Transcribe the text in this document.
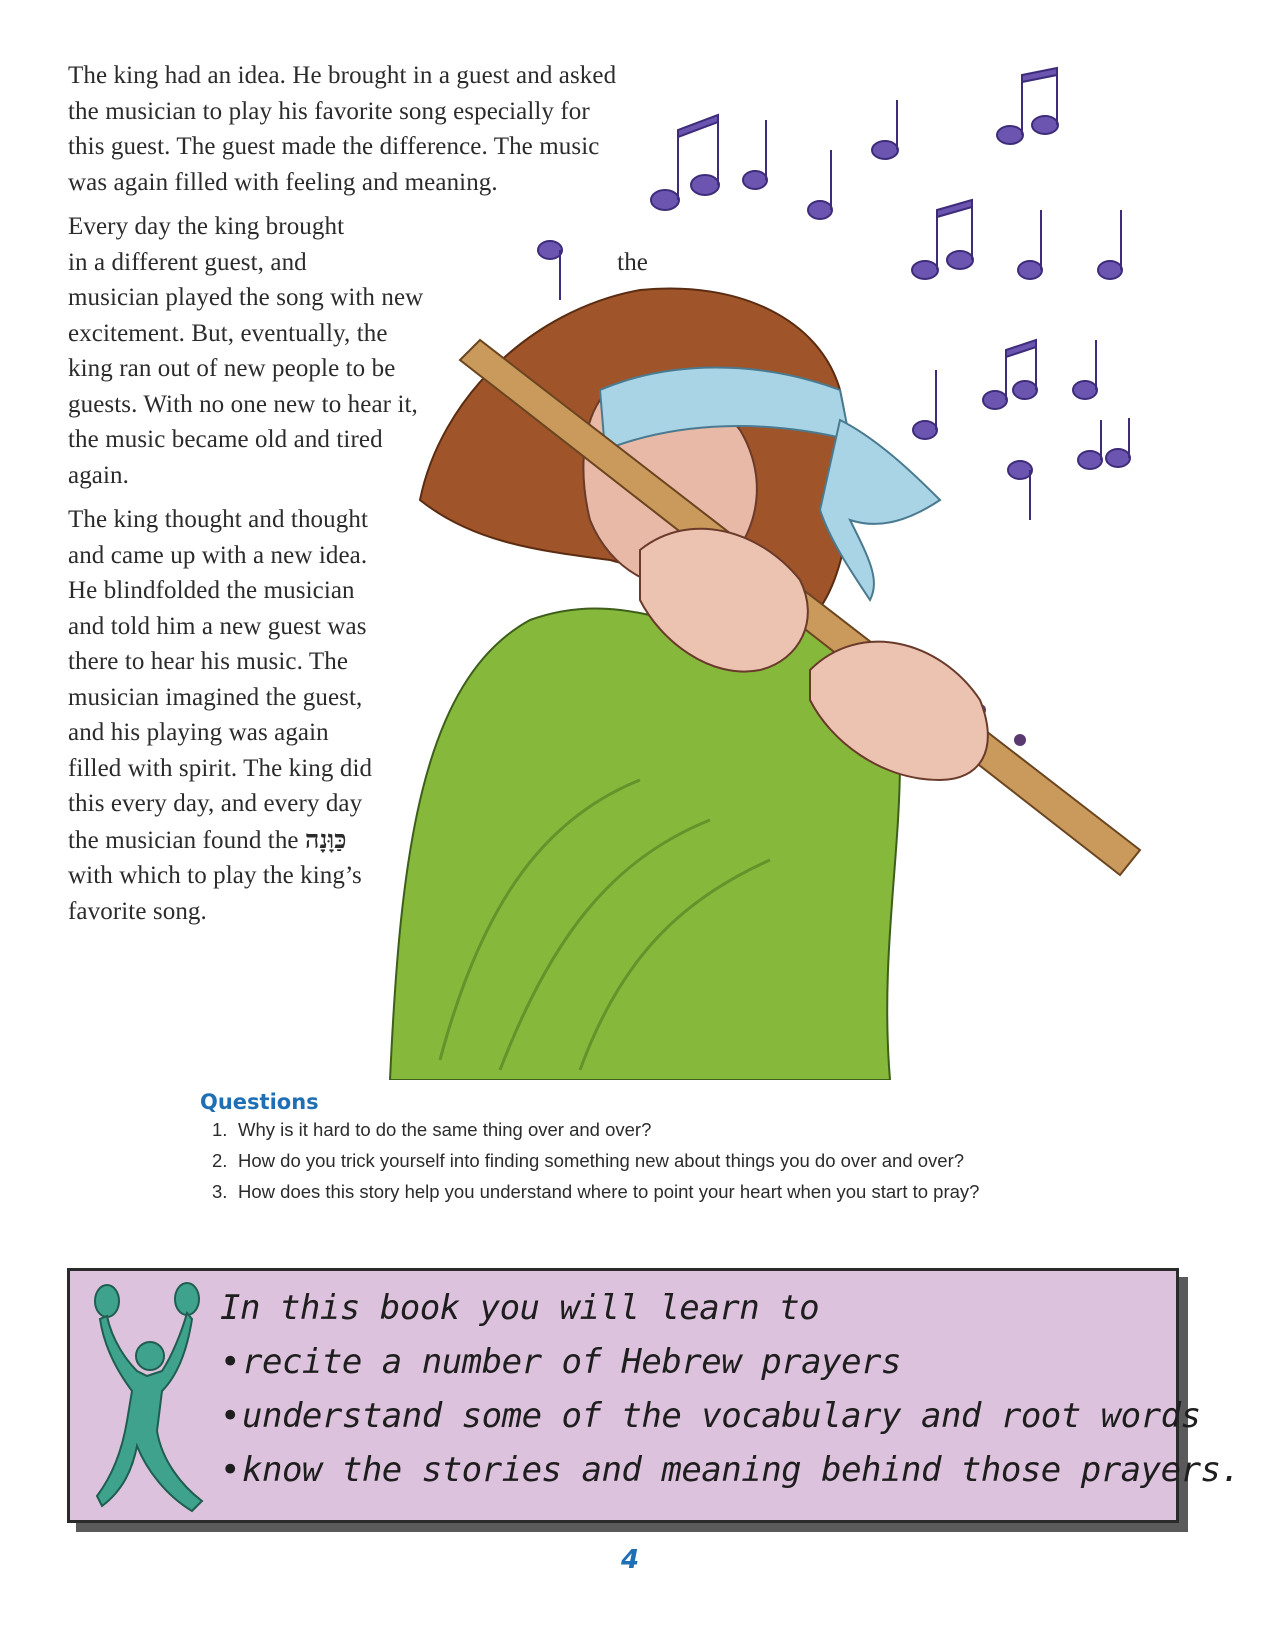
The king had an idea. He brought in a guest and asked the musician to play his favorite song especially for this guest. The guest made the difference. The music was again filled with feeling and meaning.

Every day the king brought

in a different guest, and	the
musician played the song with new excitement. But, eventually, the king ran out of new people to be guests. With no one new to hear it, the music became old and tired again.

The king thought and thought and came up with a new idea. He blindfolded the musician and told him a new guest was there to hear his music. The musician imagined the guest, and his playing was again filled with spirit. The king did this every day, and every day the musician found the כַּוָּנָה with which to play the king’s favorite song.

Questions
1. Why is it hard to do the same thing over and over?
2. How do you trick yourself into finding something new about things you do over and over?
3. How does this story help you understand where to point your heart when you start to pray?
In this book you will learn to
•recite a number of Hebrew prayers
•understand some of the vocabulary and root words
•know the stories and meaning behind those prayers.
4
